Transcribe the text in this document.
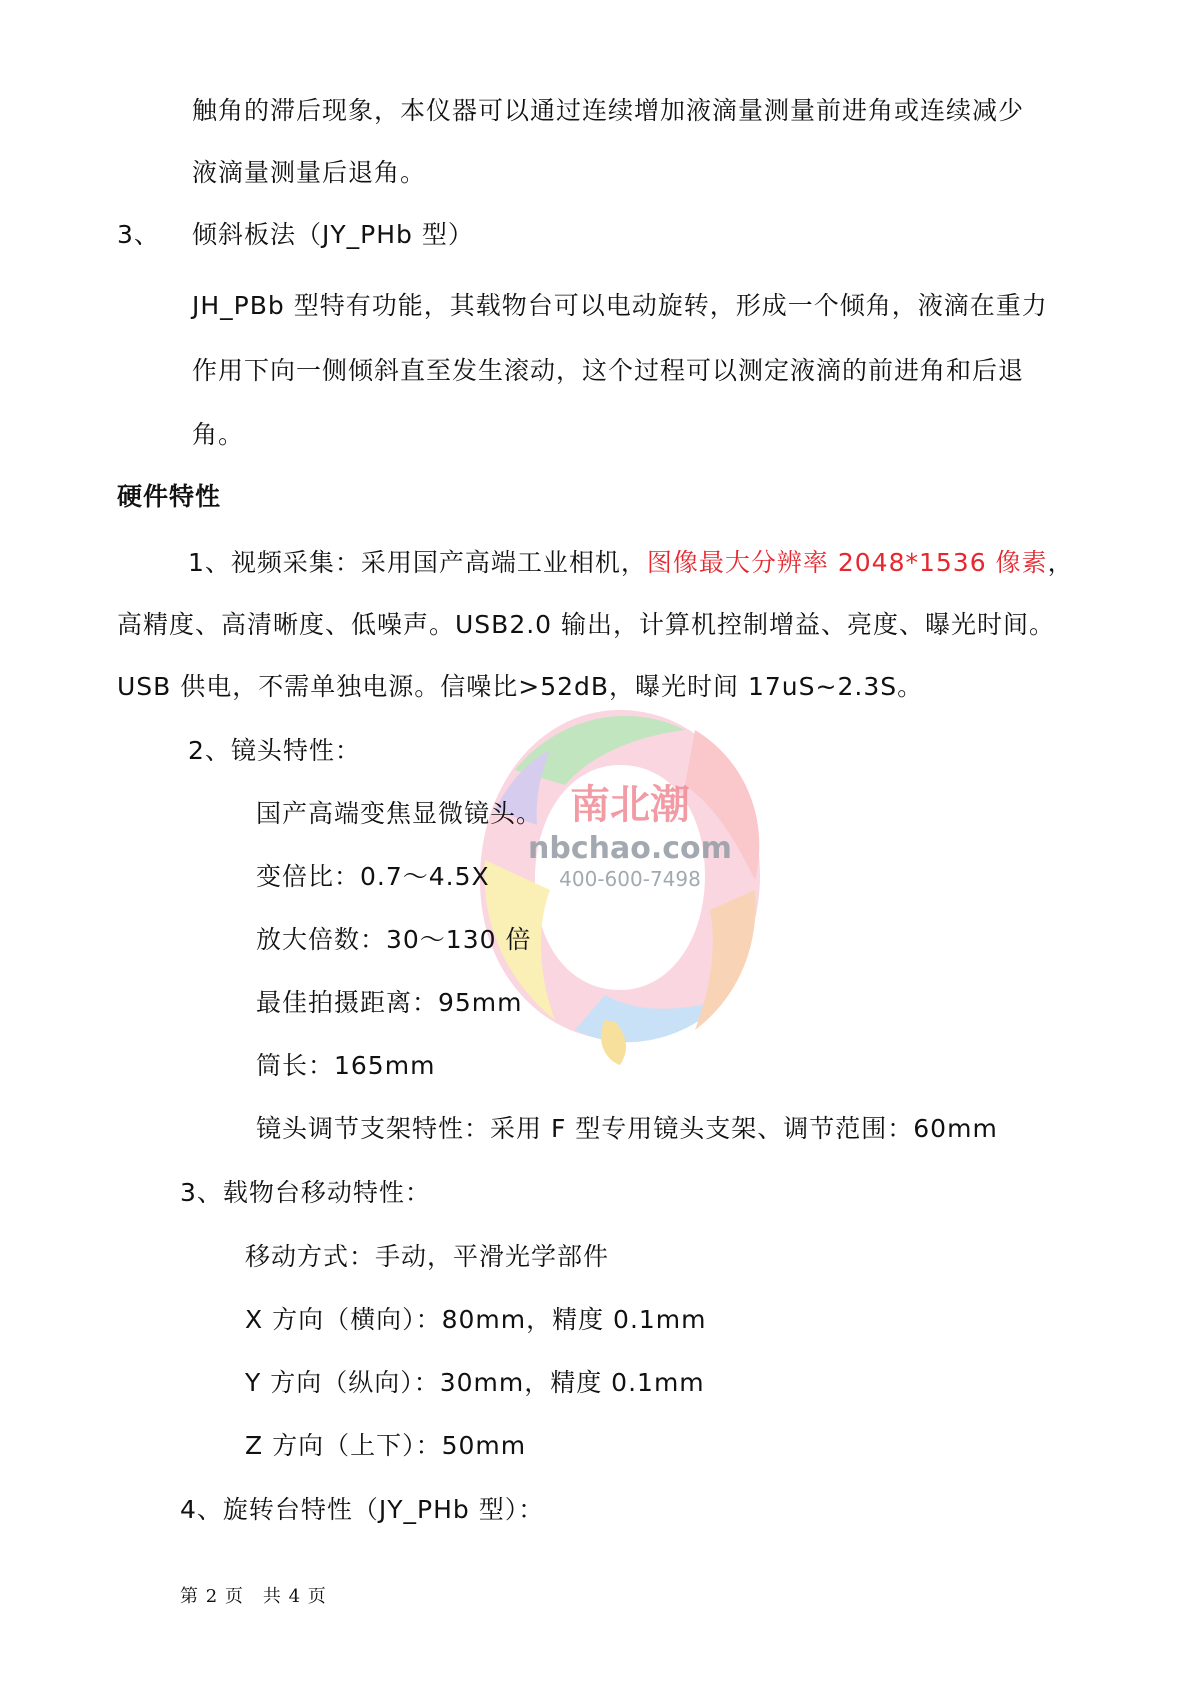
南北潮
nbchao.com
400-600-7498
触角的滞后现象，本仪器可以通过连续增加液滴量测量前进角或连续减少
液滴量测量后退角。
3、 倾斜板法（JY_PHb 型）
JH_PBb 型特有功能，其载物台可以电动旋转，形成一个倾角，液滴在重力
作用下向一侧倾斜直至发生滚动，这个过程可以测定液滴的前进角和后退
角。
硬件特性
1、视频采集：采用国产高端工业相机，图像最大分辨率 2048*1536 像素，
高精度、高清晰度、低噪声。USB2.0 输出，计算机控制增益、亮度、曝光时间。
USB 供电，不需单独电源。信噪比>52dB，曝光时间 17uS~2.3S。
2、镜头特性：
国产高端变焦显微镜头。
变倍比：0.7～4.5X
放大倍数：30～130 倍
最佳拍摄距离：95mm
筒长：165mm
镜头调节支架特性：采用 F 型专用镜头支架、调节范围：60mm
3、载物台移动特性：
移动方式：手动，平滑光学部件
X 方向（横向）：80mm，精度 0.1mm
Y 方向（纵向）：30mm，精度 0.1mm
Z 方向（上下）：50mm
4、旋转台特性（JY_PHb 型）：
第 2 页　共 4 页
